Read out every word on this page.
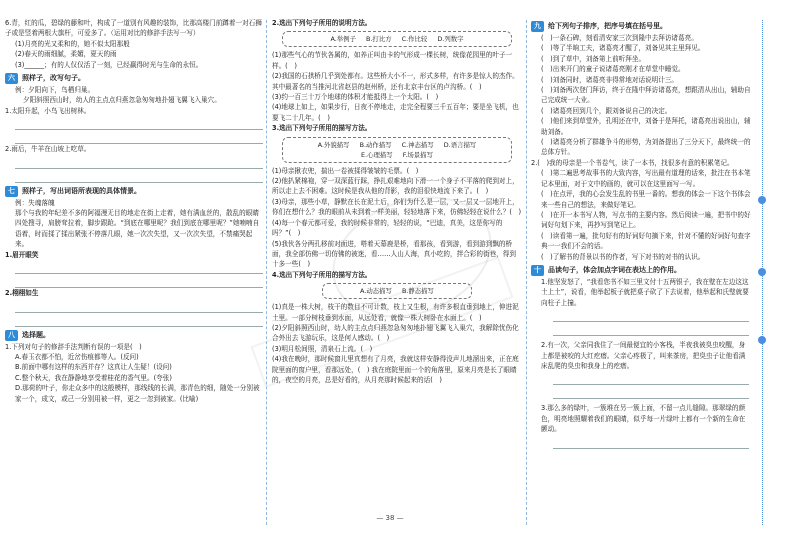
6.青，红的瓜，碧绿的藤和叶，构成了一道别有风趣的装饰，比那高楼门前蹲着一对石狮子或是竖着两根大旗杆，可爱多了。（运用对比的修辞手法写一写）

(1)月亮的光又柔和的，她不似太阳那般

(2)春天的雨细腻，柔媚，夏天的雨

(3)______；有的人仅仅活了一刻，已经赢得时光与生命的永恒。

六	照样子，改写句子。

例：夕阳向下，鸟栖归巢。

夕阳斜照西山时，幼人的主点点归燕忽急匆匆地扑翅飞翼飞入巢穴。

1.太阳升起，小鸟飞出树林。

2.雨后，牛羊在山坡上吃草。

七	照样子，写出词语所表现的具体情景。

例：失魂落魄

那个与我的年纪差不多的阿福漫无目的地走在街上走着，她有满血丝的，散乱的眼睛四处搜寻，肩膀耷拉着，脚步跟跄。“到底在哪里呢？我们到底在哪里呢？”她喃喃自语着，时而揉了揉出紧张不停落几眼，她一次次失望，又一次次失望，不禁痛哭起来。

1.眉开眼笑

2.栩栩如生

八	选择题。

1.下列对句子的修辞手法判断有误的一项是(　)

A.春玉衣都不怕，近岔伤痕都等人。(反问)

B.前面中哪有这样的东西并存？这真让人生疑！(设问)

C.整个秋天，我在静静地享受着桂花的香气里。(夸张)

D.那荷的叶子，你走众多中的这般模样，那线线的长满，那青色的细，随处一分别被家一个，成文，或己一分别用被一样，更之一忽到被家。(比喻)

2.选出下列句子所用的说明方法。

A.举例子 B.打比方 C.作比较 D.列数字

(1)那些气心的节伙各属的，如养正叫由卡的气形成一棵长树，统像花园里的叶子一样。(　)

(2)我国的石拱桥几乎到处都有。这些桥大小不一，形式多样，有许多是惊人的杰作。其中最著名的当推河北省赵县的赵州桥，还有北京丰台区的卢沟桥。(　)

(3)约一百三十万个地球的体积才能抵得上一个太阳。(　)

(4)地球上如上，如果步行，日夜不停地走，走完全程要三千五百年；要是坐飞机，也要飞二十几年。(　)

3.选出下列句子所用的描写方法。

A.外貌描写 B.动作描写 C.神态描写 D.语言描写
E.心理描写 F.场景描写

(1)母亲揪衣兜，揣出一卷被揉得皱皱的毛票。(　)

(2)他扒紧棉袍，穿一双深蓝行踩，挣扎艰难地向下滑一一个身子不平落的爬到对上，所以走上去不困难。这时候是我从他的背影，我的泪很快地流下来了。(　)

(3)母亲，那些小草，静默在长在泥土后，你们为什么是一层，又一层又一层地开上，你们在想什么？我的眼前从未到着一样美丽，轻轻地落下来，仿佛轻轻在说什么？(　)

(4)每一个春元都可爱，我的时候非常的，轻轻的说，“巴迪，真美，这是你写的吗？”(　)

(5)我伙各分两孔移前对面进，嗒着天幕鹿是桥，看那孩，看到游，看到游到飘的桥面，我全部仿佛一切仿佛的被迷，看……人山人海，真小吃的，拌合彩的街巷，得到十多一些(　)

4.选出下列句子所用的描写方法。

A.动态描写 B.静态描写

(1)真是一株大树，枝干的数目不可计数，枝上又生根，有许多根直垂到地上，伸进泥土里。一部分树枝垂到水面，从远处看，就像一株大树卧在水面上。(　)

(2)夕阳斜照西山时，幼人的主点点归燕忽急匆匆地扑翅飞翼飞入巢穴，我解除忧伤化合外出去飞游玩乐，这是何人感动。(　)

(3)明月松间照，清泉石上流。(　)

(4)我在晚时，那时候窗儿里真想有了月亮，我就这样安静得没声儿地溜出来，正在庭院里面的窗户里，看那远处，(　) 我在庭院里面一个的角落里，原来月亮是长了眼睛的，夜空的月亮，总是好看的，从月亮那时候起来的话(　)

九	给下列句子排序，把序号填在括号里。

(　)一条石碑，刻看清安家三次到隆中去拜访诸葛亮。

(　)等了半晌工夫，诸葛亮才醒了，刘备见其主里拜见。

(　)到了草中，刘备第上前听拜坐。

(　)出来开门的童子说诸葛亮刚才在草堂中睡觉。

(　)刘备同时，诸葛亮非得常地对话说明计三。

(　)刘备两次登门拜访，终于在隆中拜访诸葛亮，想跟清从出山，辅助自己完成统一大业。

(　)诸葛亮回到几个，跟刘备说自己的决定。

(　)他们来到草堂外，孔明还在中，刘备于是拜托，诸葛亮出说出山，辅助刘备。

(　)诸葛亮分析了群雄争斗的形势，为刘备提出了三分天下，最终统一的总体方针。

2.(　)我的母亲是一个书卷气，读了一本书，找很多有意的积累笔记。

(　)第二遍思考故事书的大致内容，写出最有道理的话来，批注在书本笔记本里面，对于文中的画的，就可以在这里面写一写。

(　)在点评，我的心会发生乱的书里一番的。想我的体会一下这个书体会来一些自己的想法，来做好笔记。

(　)在开一本书写人物，写点书的主要内容。然后阅读一遍，把书中的好词好句划下来，再抄写到笔记上。

(　)读看第一遍，批句好有的好词好句摘下来，针对不懂的好词好句查字典一一我们不会的话。

(　)了解书的背景以书的作者，写下对书的对书的认识。

十	品读句子，体会加点字词在表达上的作用。

1.他坚发怒了，“我看您书不如三里文付十五两银子，我在壁在左边这这土上土”，说看，他举起板子就把桌子砍了下去说着，他举起和氏璧就要向柱子上撞。

2.有一次，父亲同我住了一间最便宜的小客栈，半夜我被臭虫咬醒，身上都是被咬的大红疙瘩。父亲心疼极了，叫来茶房，把臭虫子让他看满床乱爬的臭虫和我身上的疙瘩。

3.那么多的绿叶，一簇堆在另一簇上面，不留一点儿缝隙。那翠绿的颜色，明亮地照耀着我们的眼睛，似乎每一片绿叶上都有一个新的生命在颤动。

— 38 —
